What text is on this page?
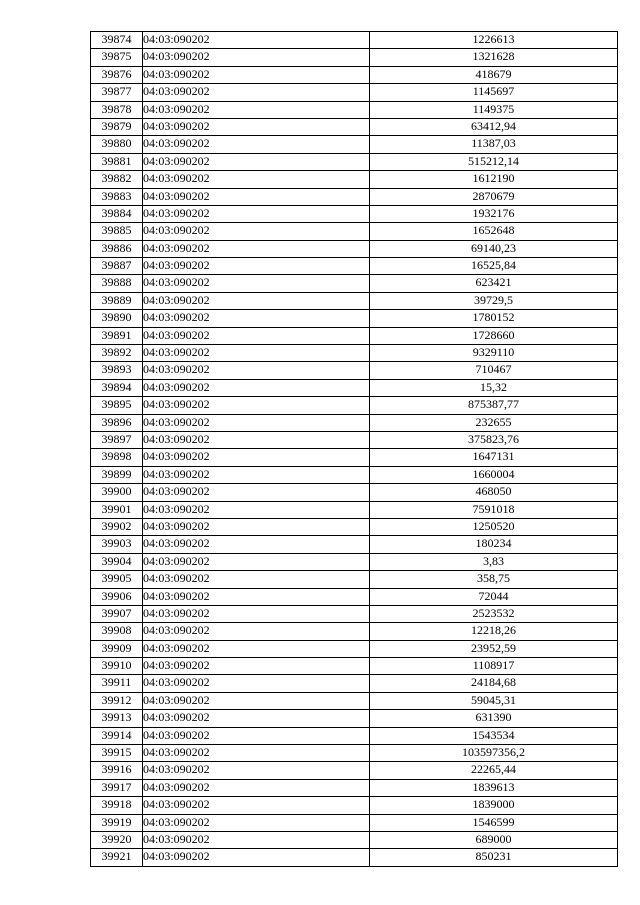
39874	04:03:090202	1226613
39875	04:03:090202	1321628
39876	04:03:090202	418679
39877	04:03:090202	1145697
39878	04:03:090202	1149375
39879	04:03:090202	63412,94
39880	04:03:090202	11387,03
39881	04:03:090202	515212,14
39882	04:03:090202	1612190
39883	04:03:090202	2870679
39884	04:03:090202	1932176
39885	04:03:090202	1652648
39886	04:03:090202	69140,23
39887	04:03:090202	16525,84
39888	04:03:090202	623421
39889	04:03:090202	39729,5
39890	04:03:090202	1780152
39891	04:03:090202	1728660
39892	04:03:090202	9329110
39893	04:03:090202	710467
39894	04:03:090202	15,32
39895	04:03:090202	875387,77
39896	04:03:090202	232655
39897	04:03:090202	375823,76
39898	04:03:090202	1647131
39899	04:03:090202	1660004
39900	04:03:090202	468050
39901	04:03:090202	7591018
39902	04:03:090202	1250520
39903	04:03:090202	180234
39904	04:03:090202	3,83
39905	04:03:090202	358,75
39906	04:03:090202	72044
39907	04:03:090202	2523532
39908	04:03:090202	12218,26
39909	04:03:090202	23952,59
39910	04:03:090202	1108917
39911	04:03:090202	24184,68
39912	04:03:090202	59045,31
39913	04:03:090202	631390
39914	04:03:090202	1543534
39915	04:03:090202	103597356,2
39916	04:03:090202	22265,44
39917	04:03:090202	1839613
39918	04:03:090202	1839000
39919	04:03:090202	1546599
39920	04:03:090202	689000
39921	04:03:090202	850231
